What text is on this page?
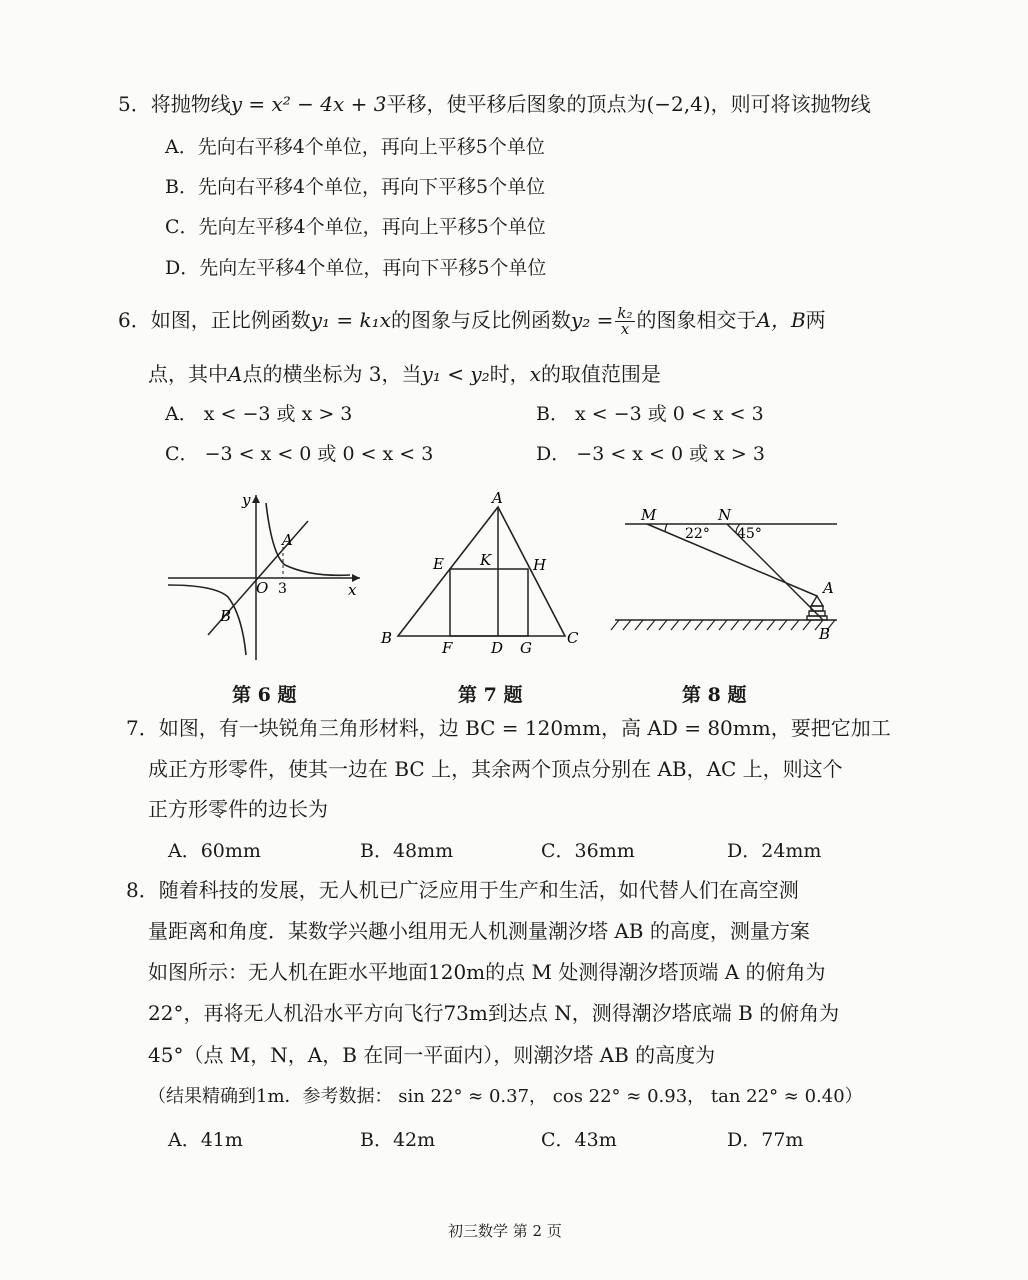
5．将抛物线y = x² − 4x + 3平移，使平移后图象的顶点为(−2,4)，则可将该抛物线
A．先向右平移4个单位，再向上平移5个单位
B．先向右平移4个单位，再向下平移5个单位
C．先向左平移4个单位，再向上平移5个单位
D．先向左平移4个单位，再向下平移5个单位
6．如图，正比例函数y₁ = k₁x的图象与反比例函数$y_2 = \frac{\text{k₂}}{x}$ 的图象相交于A，B两
点，其中A点的横坐标为 3，当y₁ < y₂时，x的取值范围是
A． x < −3 或 x > 3	B． x < −3 或 0 < x < 3
C． −3 < x < 0 或 0 < x < 3	D． −3 < x < 0 或 x > 3
y
x
O 3
A
B
A
B	C
D
E
F	G
H
K
M	N
22° 45°
A
B
第 6 题	第 7 题	第 8 题
7．如图，有一块锐角三角形材料，边 BC = 120mm，高 AD = 80mm，要把它加工
成正方形零件，使其一边在 BC 上，其余两个顶点分别在 AB，AC 上，则这个
正方形零件的边长为
A．60mm	B．48mm	C．36mm	D．24mm
8．随着科技的发展，无人机已广泛应用于生产和生活，如代替人们在高空测
量距离和角度．某数学兴趣小组用无人机测量潮汐塔 AB 的高度，测量方案
如图所示：无人机在距水平地面120m的点 M 处测得潮汐塔顶端 A 的俯角为
22°，再将无人机沿水平方向飞行73m到达点 N，测得潮汐塔底端 B 的俯角为
45°（点 M，N，A，B 在同一平面内），则潮汐塔 AB 的高度为
（结果精确到1m．参考数据： sin 22° ≈ 0.37， cos 22° ≈ 0.93， tan 22° ≈ 0.40）
A．41m	B．42m	C．43m	D．77m
初三数学 第 2 页
